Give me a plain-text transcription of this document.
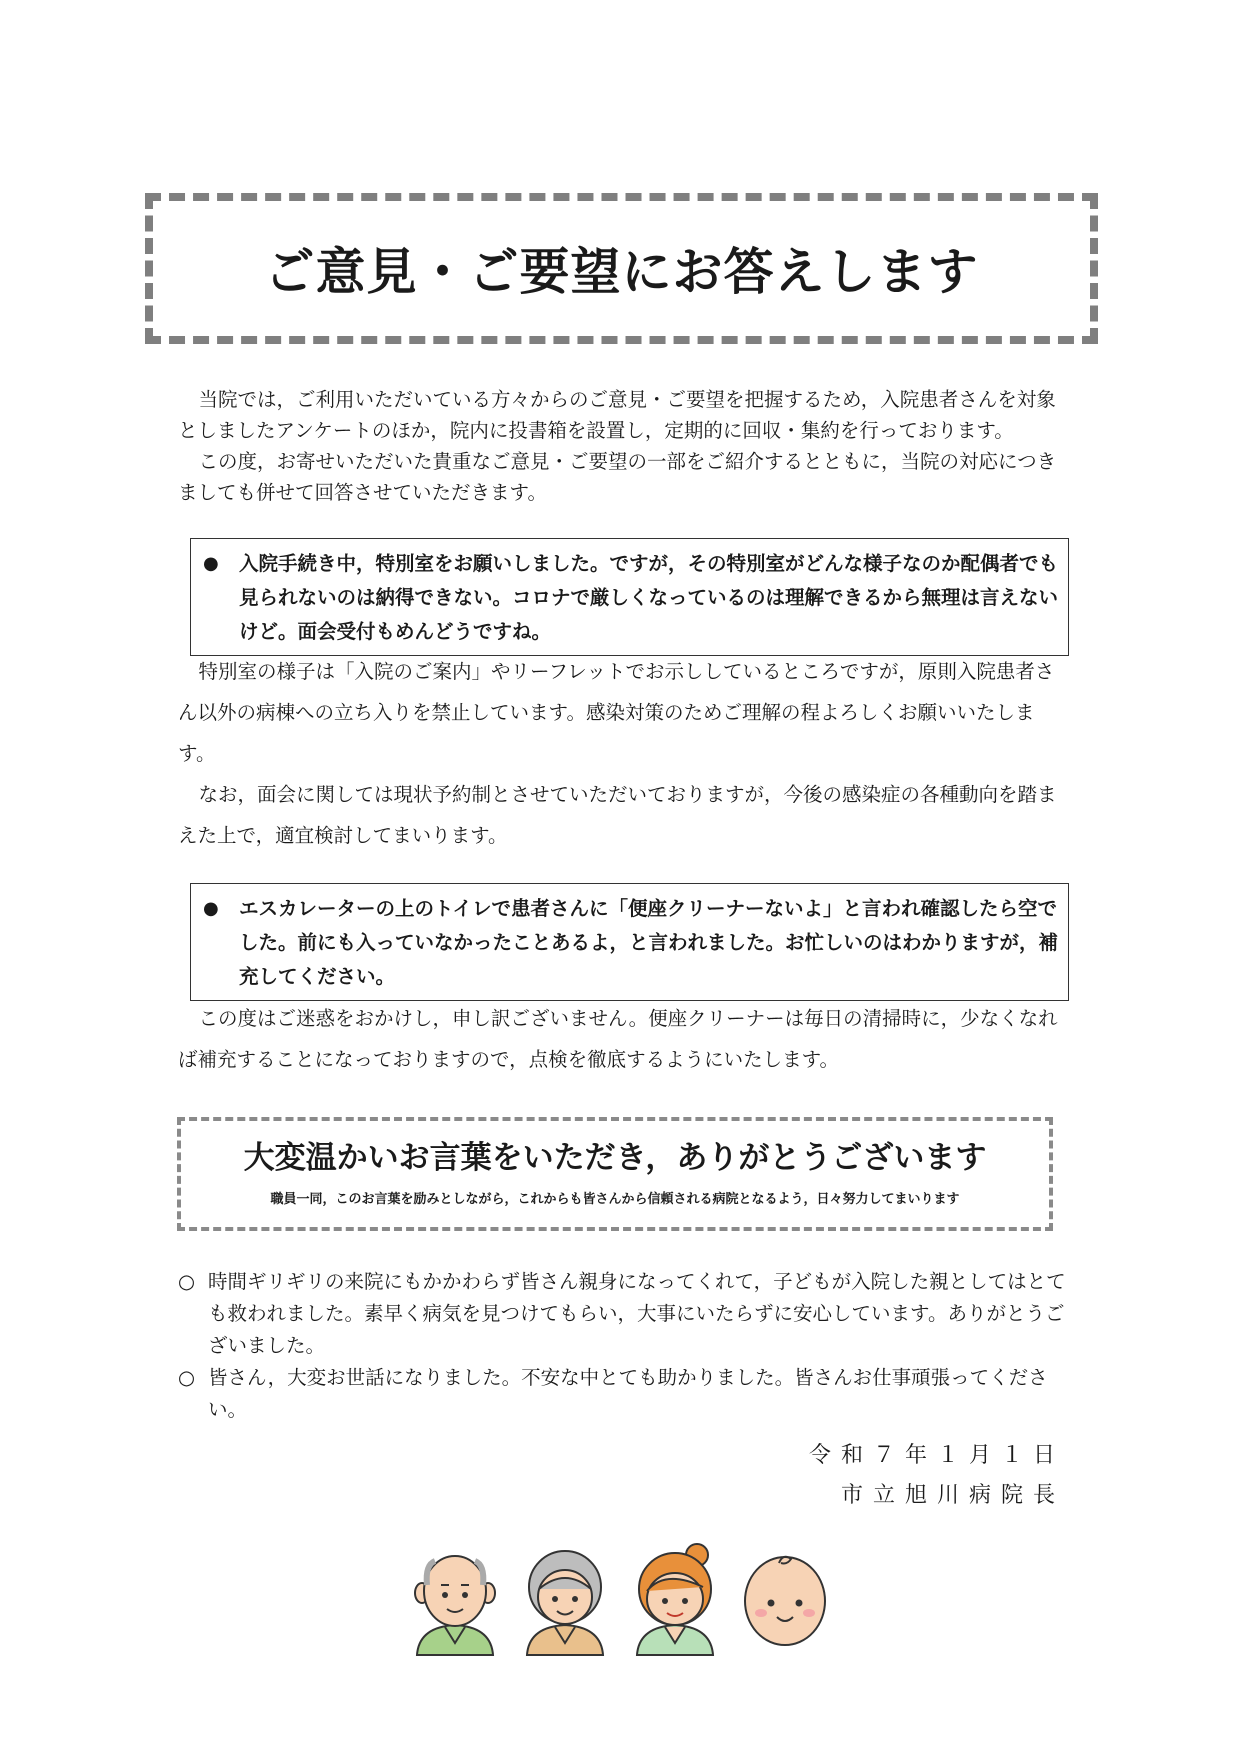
ご意見・ご要望にお答えします

当院では，ご利用いただいている方々からのご意見・ご要望を把握するため，入院患者さんを対象としましたアンケートのほか，院内に投書箱を設置し，定期的に回収・集約を行っております。

この度，お寄せいただいた貴重なご意見・ご要望の一部をご紹介するとともに，当院の対応につきましても併せて回答させていただきます。

● 入院手続き中，特別室をお願いしました。ですが，その特別室がどんな様子なのか配偶者でも見られないのは納得できない。コロナで厳しくなっているのは理解できるから無理は言えないけど。面会受付もめんどうですね。

特別室の様子は「入院のご案内」やリーフレットでお示ししているところですが，原則入院患者さん以外の病棟への立ち入りを禁止しています。感染対策のためご理解の程よろしくお願いいたします。

なお，面会に関しては現状予約制とさせていただいておりますが，今後の感染症の各種動向を踏まえた上で，適宜検討してまいります。

● エスカレーターの上のトイレで患者さんに「便座クリーナーないよ」と言われ確認したら空でした。前にも入っていなかったことあるよ，と言われました。お忙しいのはわかりますが，補充してください。

この度はご迷惑をおかけし，申し訳ございません。便座クリーナーは毎日の清掃時に，少なくなれば補充することになっておりますので，点検を徹底するようにいたします。

大変温かいお言葉をいただき，ありがとうございます
職員一同，このお言葉を励みとしながら，これからも皆さんから信頼される病院となるよう，日々努力してまいります

○ 時間ギリギリの来院にもかかわらず皆さん親身になってくれて，子どもが入院した親としてはとても救われました。素早く病気を見つけてもらい，大事にいたらずに安心しています。ありがとうございました。

○ 皆さん，大変お世話になりました。不安な中とても助かりました。皆さんお仕事頑張ってください。

令和７年１月１日
市立旭川病院長
